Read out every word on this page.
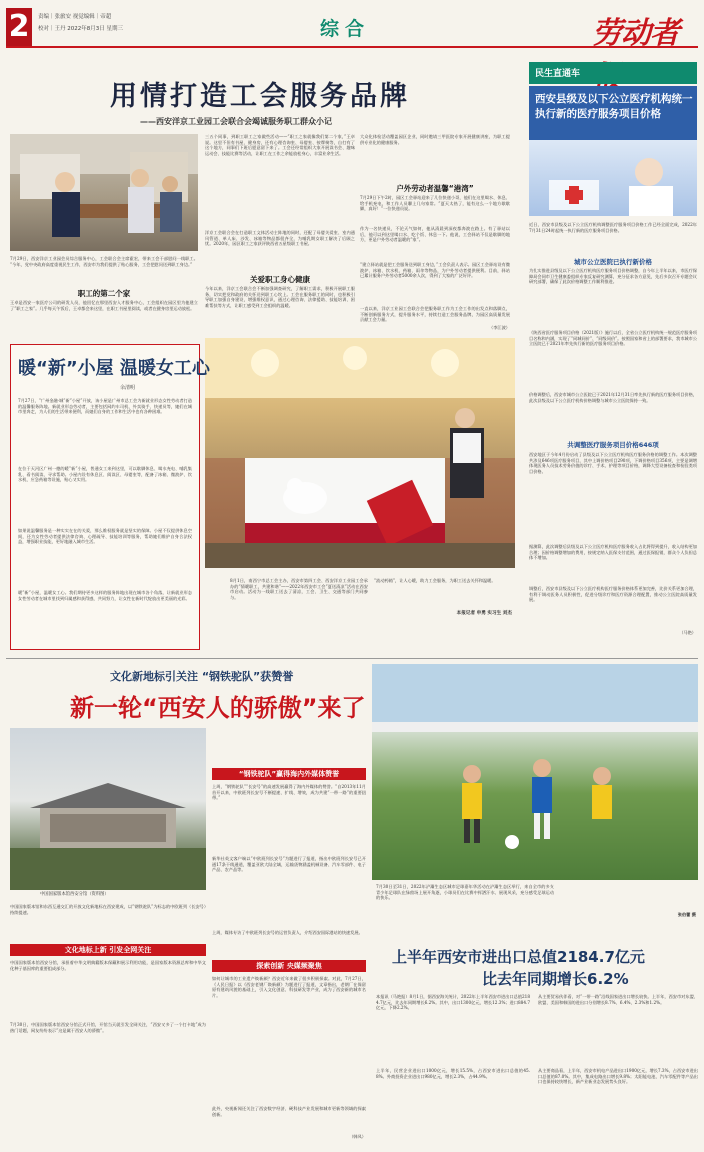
2	责编｜张旅安 视觉编辑｜帝超
校对｜王丹 2022年8月3日 星期三	综合	劳动者
用情打造工会服务品牌
——西安洋京工业园工会联合会竭诚服务职工群众小记
7月29日，西安洋京工业园会员综合服务中心，工会联合会主席霍宏，带来工会干部慰问一线职工。 “今年，党中央政府高度重视民生工作，西安市为我们提供了贴心服务，工会把慰问送到职工身边。”
职工的第二个家
王卓是西安一家医疗公司的研发人员，他回忆在那里西安入才服务中心，工会组织在园区里为他建立了“职工之家”。几乎每天午饭后，王卓都会来这里，在职工书屋里阅读，或者在健身房里运动放松。
三五个同事，到职工职工之家做些活动——“职工之家就像我们第二个家，”王卓说。这里不但有书屋、健身房，还有心理咨询室、母婴室、按摩椅等，自打有了这个地方，同事们下班后愿意留下来了。工会还经常组织大家开展读书会、趣味运动会、技能比赛等活动，让职工在工作之余能放松身心，丰富业余生活。
洋京工会联合会在打造职工文体活动主阵地的同时，还配了母婴关爱室、室内通风管道、单人床、沙发、冰箱等物品都很齐全，为哺乳期女职工解决了后顾之忧。2020年，园区职工之家获评陕西省五星级职工书屋。
关爱职工身心健康
今年以来，洋京工会联合会不断加强调查研究，了解职工需求，积极开展职工服务，切实把党和政府的关怀送到职工心坎上。工会在服务职工的同时，也积极引导职工加强自身建设，增强维权意识，通过心理咨询、法律援助、技能培训、困难帮扶等方式，让职工感受到工会组织的温暖。
大众化体检活动覆盖园区企业，同时邀请三甲医院专家开展健康讲座，为职工提供专业化的健康服务。
户外劳动者温馨“港湾”
7月29日下午2时，园区工会驿站迎来了几位快递小哥，他们在这里喝水、休息、给手机充电，和工作人员聊上几句家常。“夏天太热了，能有这么一个地方歇歇脚，真好！”一位快递员说。
作为一名快递员，不论天气如何，他从清晨到深夜都奔波在路上。有了驿站以后，他可以到这里喝口水、吃个饭、休息一下。他说，工会驿站不仅是歇脚的地方，更是户外劳动者温暖的“家”。
“建立驿站就是把工会服务送到职工身边，”工会负责人表示。园区工会驿站设有微波炉、冰箱、饮水机、药箱、雨伞等物品，为户外劳动者提供便利。目前，驿站已累计服务户外劳动者5000余人次，得到了大家的广泛好评。
一直以来，洋京工业园工会联合会把服务职工作为工会工作的出发点和落脚点，不断创新服务方式，提升服务水平，持续打造工会服务品牌，为园区高质量发展贡献工会力量。
（李江波）
8月1日，南西宁市总工会主办，西安市第四工会、西安洋京工业园工会承办的“情暖职工，共建和谐”——2022年西安市工会“夏送清凉”活动在西安市启动。活动为一线职工送去了清凉，工会、卫生、交通等部门共同参与。
“流动药箱”，让人心暖，助力工会服务，为职工送去关怀和温暖。
本报记者 申勇 实习生 刘杰
暖“新”小屋 温暖女工心
余清明
7月27日，“广州金融·城“新”小屋”开放，该小屋是广州市总工会为新就业形态女性劳动者打造的温馨服务阵地。新就业形态劳动者，主要包括网约车司机、外卖骑手、快递员等，她们在城市里奔走，为人们的生活带来便利，而她们自身的工作和生活中也有各种困难。
在位于天河区广州一德的暖“新”小屋，普通女工来到这里，可以歇脚休息、喝水充电、哺乳集乳、看书阅读、寻求帮助。小屋内设有休息区、阅读区、母婴室等，配备了冰箱、微波炉、饮水机、应急药箱等设施，贴心又实用。
如果说温馨服务是一种实实在在的关爱，那么维权服务就是坚实的保障。小屋不仅提供休息空间，还为女性劳动者提供法律咨询、心理疏导、技能培训等服务，帮助她们维护自身合法权益，增强职业技能，更好地融入城市生活。
暖“新”小屋，温暖女工心。我们期待更多这样的服务阵地出现在城市各个角落，让新就业形态女性劳动者在城市里找到归属感和获得感，共同努力，让女性在新时代绽放出更美丽的光彩。
民生直通车
西安县级及以下公立医疗机构统一执行新的医疗服务项目价格
近日，西安市县级及以下公立医疗机构调整医疗服务项目价格工作已经全面完成，2022年7月31日24时起统一执行新的医疗服务项目价格。
城市公立医院已执行新价格
为扎实推进县级及以下公立医疗机构医疗服务项目价格调整，自今年上半年以来，市医疗保障局会同市卫生健康委组织专家反复研究测算，充分征求各方意见，先后多次召开专题会议研究部署，确保了此次价格调整工作顺利推进。
《陕西省医疗服务项目价格（2021版）》施行以后，全省公立医疗机构统一规范医疗服务项目名称和内涵，实现了“同城同价”、“同级同价”。按照国家和省上的部署要求，我市城市公立医院已于2021年率先执行新的医疗服务项目价格。
价格调整后，西安市城市公立医院已于2021年12月31日率先执行新的医疗服务项目价格，此次县级及以下公立医疗机构价格调整与城市公立医院保持一致。
共调整医疗服务项目价格646项
西安地区于今年4月份启动了县级及以下公立医疗机构医疗服务价格的调整工作。本次调整共涉及646项医疗服务项目，其中上调价格项目290项，下调价格项目356项，主要是调增体现医务人员技术劳务价值的诊疗、手术、护理等项目价格，调降大型设备检查和检验类项目价格。
据测算，此次调整后县级及以下公立医疗机构医疗服务收入占比将得到提升，收入结构更加合理；因价格调整增加的费用，按规定纳入医保支付范围，通过医保报销，群众个人负担总体不增加。
调整后，西安市县级及以下公立医疗机构医疗服务价格体系更加完善，比价关系更加合理，有利于调动医务人员积极性，促进分级诊疗和医疗资源合理配置，推动公立医院高质量发展。
（马艳）
文化新地标引关注 “钢铁驼队”获赞誉
新一轮“西安人的骄傲”来了
中国国家版本馆西安分馆（资料图）
中国国家版本馆和东西互通交汇的开放文化新地标在西安建成，以“钢铁驼队”为标志的中欧班列（长安号）持续提速。
文化地标上新 引发全网关注
中国国家版本馆西安分馆，承担着中华文明典籍版本保藏和展示利用功能，是国家版本资源总库和中华文化种子基因库的重要组成部分。
7月30日，中国国家版本馆西安分馆正式开馆，开馆当天就引发全网关注，“西安又多了一个打卡地”成为热门话题，网友纷纷表示“这是属于西安人的骄傲”。
“钢铁驼队”赢得海内外媒体赞誉
上周，“钢铁驼队”“长安号”的高速发展赢得了海内外媒体的赞誉。“自2013年11月首开以来，中欧班列长安号不断提速、扩线、增效，成为共建“一带一路”的重要纽带。”
新华社英文客户端以“中欧班列长安号”为题进行了报道，指出中欧班列长安号已开通17条干线通道，覆盖亚欧大陆全域，运输货物涵盖机械设备、汽车零部件、电子产品、农产品等。
上周，媒体专访了中欧班列长安号的运营负责人，介绍西安国际港站的快速发展。
探索创新 央媒频聚焦
如何让城市的工业遗产焕新颜？西安近年来做了很多积极探索。对此，7月27日，《人民日报》以《西安老钢厂焕新颜》为题进行了报道，文章指出，老钢厂在保留原有建筑风貌的基础上，引入文化创意、科技研发等产业，成为了西安新的城市名片。
此外，央视新闻还关注了西安数字经济、硬科技产业发展和城市更新等领域的探索创新。
（韩凤）
7月30日至31日，2022年浐灞生态区城市足球嘉年华活动在浐灞生态区举行，来自全市的多支青少年足球队在绿茵场上展开角逐，小球员们在比赛中挥洒汗水、展现风采，充分感受足球运动的快乐。
张伯蕾 摄
上半年西安市进出口总值2184.7亿元
比去年同期增长6.2%
本报讯（马艳报）8月1日，据西安海关统计，2022年上半年西安市进出口总值2184.7亿元，比去年同期增长6.2%。其中，出口1300亿元，增长12.3%；进口884.7亿元，下降2.2%。
上半年，民营企业进出口1000亿元，增长15.5%，占西安市进出口总值的45.8%。外商投资企业进出口980亿元，增长2.3%，占44.9%。
从主要贸易伙伴看，对“一带一路”沿线国家进出口增长较快。上半年，西安市对东盟、欧盟、美国和韩国的进出口分别增长8.7%、6.4%、2.3%和1.2%。
从主要商品看，上半年，西安市机电产品进出口1900亿元，增长7.3%，占西安市进出口总值的87.0%。其中，集成电路出口增长9.8%；太阳能电池、汽车零配件等产品出口也保持较快增长，新产业新业态发展势头良好。
